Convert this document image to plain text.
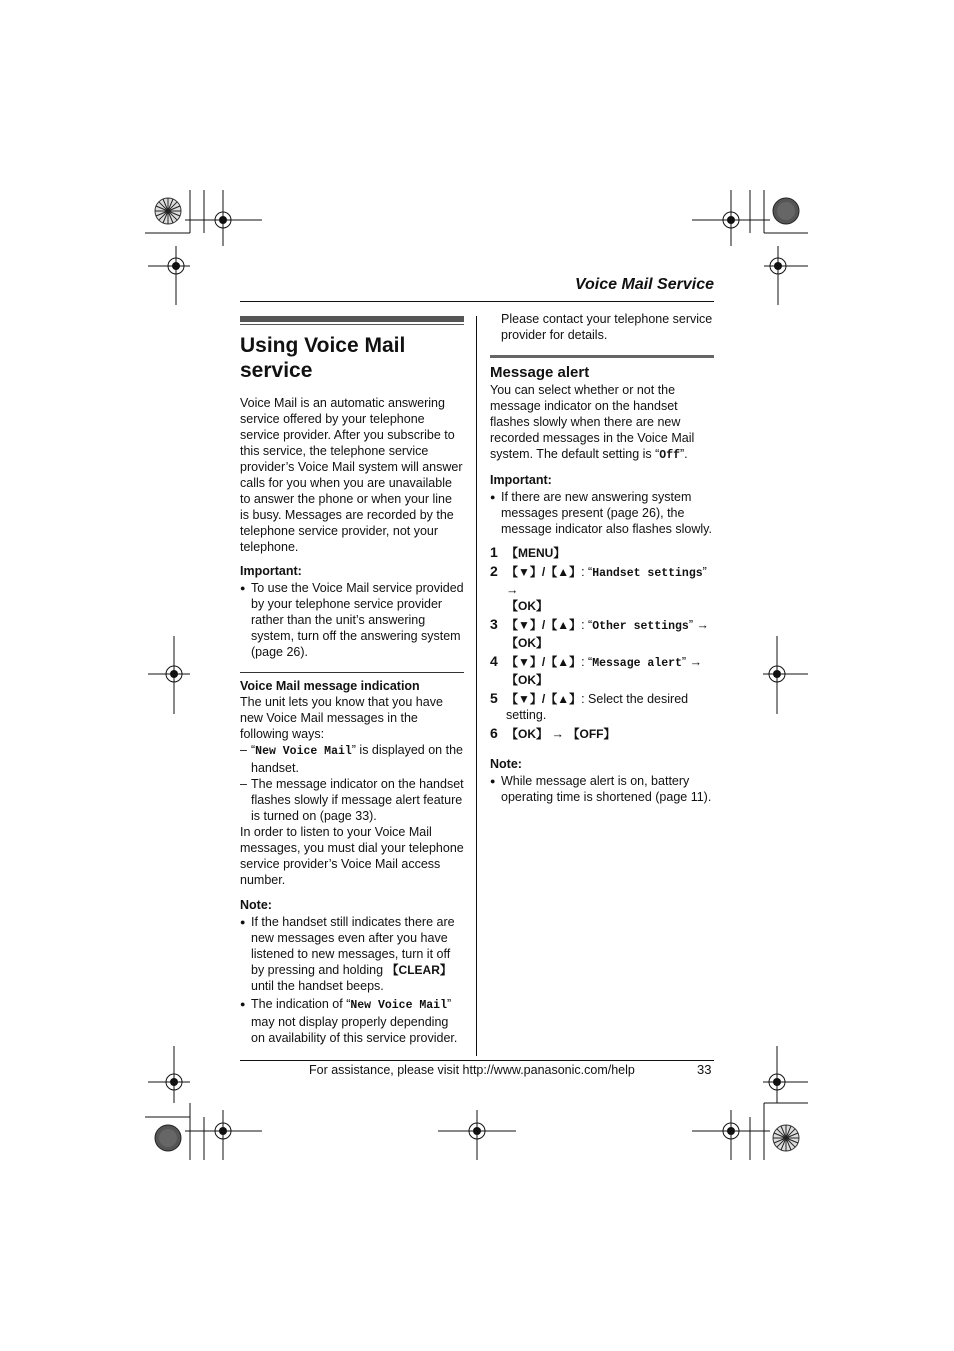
Voice Mail Service
Using Voice Mail
service

Voice Mail is an automatic answering service offered by your telephone service provider. After you subscribe to this service, the telephone service provider’s Voice Mail system will answer calls for you when you are unavailable to answer the phone or when your line is busy. Messages are recorded by the telephone service provider, not your telephone.

Important:

● To use the Voice Mail service provided by your telephone service provider rather than the unit’s answering system, turn off the answering system (page 26).
Voice Mail message indication

The unit lets you know that you have new Voice Mail messages in the following ways:

– “New Voice Mail” is displayed on the handset.
– The message indicator on the handset flashes slowly if message alert feature is turned on (page 33).

In order to listen to your Voice Mail messages, you must dial your telephone service provider’s Voice Mail access number.

Note:

● If the handset still indicates there are new messages even after you have listened to new messages, turn it off by pressing and holding 【CLEAR】 until the handset beeps.
● The indication of “New Voice Mail” may not display properly depending on availability of this service provider.

Please contact your telephone service provider for details.

Message alert

You can select whether or not the message indicator on the handset flashes slowly when there are new recorded messages in the Voice Mail system. The default setting is “Off”.

Important:

● If there are new answering system messages present (page 26), the message indicator also flashes slowly.
1 【MENU】
2 【▼】/【▲】: “Handset settings” →
【OK】
3 【▼】/【▲】: “Other settings” →
【OK】
4 【▼】/【▲】: “Message alert” →
【OK】
5 【▼】/【▲】: Select the desired setting.
6 【OK】 → 【OFF】

Note:

● While message alert is on, battery operating time is shortened (page 11).
For assistance, please visit http://www.panasonic.com/help	33
